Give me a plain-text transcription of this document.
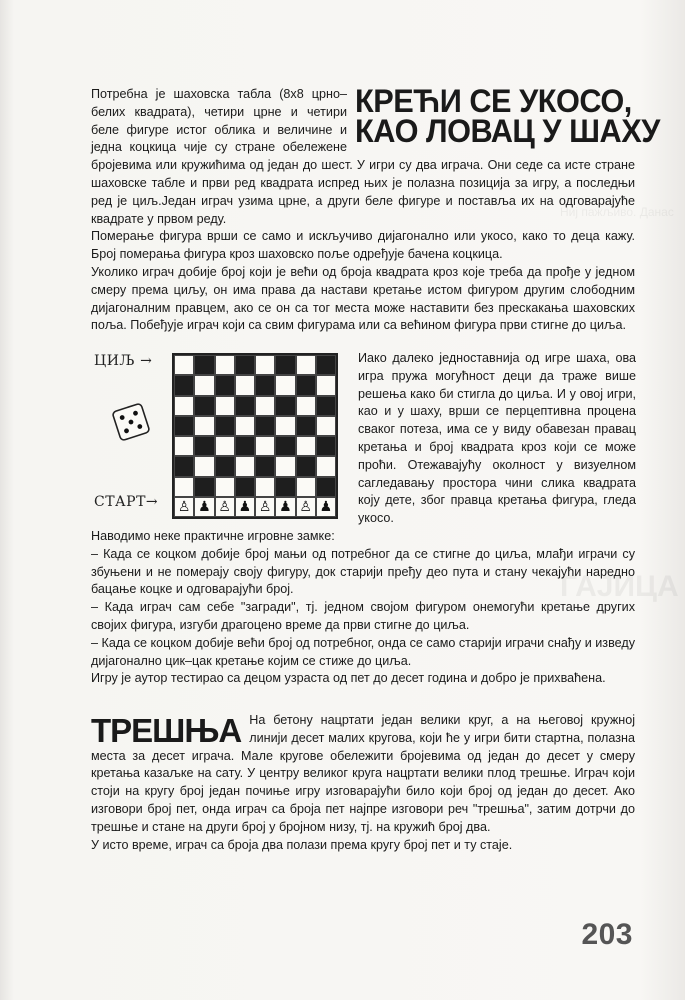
Ниј пажљиво. Данас
ГАЈИЦА
КРЕЋИ СЕ УКОСО,
КАО ЛОВАЦ У ШАХУ

Потребна је шаховска табла (8х8 црно–белих квадрата), четири црне и четири беле фигуре истог облика и величине и једна коцкица чије су стране обележене бројевима или кружићима од један до шест. У игри су два играча. Они седе са исте стране шаховске табле и први ред квадрата испред њих је полазна позиција за игру, а последњи ред је циљ.Један играч узима црне, а други беле фигуре и поставља их на одговарајуће квадрате у првом реду.

Померање фигура врши се само и искључиво дијагонално или укосо, како то деца кажу. Број померања фигура кроз шаховско поље одређује бачена коцкица.

Уколико играч добије број који је већи од броја квадрата кроз које треба да прође у једном смеру према циљу, он има права да настави кретање истом фигуром другим слободним дијагоналним правцем, ако се он са тог места може наставити без прескакања шаховских поља. Побеђује играч који са свим фигурама или са већином фигура први стигне до циља.

ЦИЉ →
♙ ♟ ♙ ♟ ♙ ♟ ♙ ♟
СТАРТ→

Иако далеко једноставнија од игре шаха, ова игра пружа могућност деци да траже више решења како би стигла до циља. И у овој игри, као и у шаху, врши се перцептивна процена сваког потеза, има се у виду обавезан правац кретања и број квадрата кроз који се може проћи. Отежавајућу околност у визуелном сагледавању простора чини слика квадрата коју дете, због правца кретања фигура, гледа укосо.

Наводимо неке практичне игровне замке:

– Када се коцком добије број мањи од потребног да се стигне до циља, млађи играчи су збуњени и не померају своју фигуру, док старији пређу део пута и стану чекајући наредно бацање коцке и одговарајући број.

– Када играч сам себе "загради", тј. једном својом фигуром онемогући кретање других својих фигура, изгуби драгоцено време да први стигне до циља.

– Када се коцком добије већи број од потребног, онда се само старији играчи снађу и изведу дијагонално цик–цак кретање којим се стиже до циља.

Игру је аутор тестирао са децом узраста од пет до десет година и добро је прихваћена.

ТРЕШЊА На бетону нацртати један велики круг, а на његовој кружној линији десет малих кругова, који ће у игри бити стартна, полазна места за десет играча. Мале кругове обележити бројевима од један до десет у смеру кретања казаљке на сату. У центру великог круга нацртати велики плод трешње. Играч који стоји на кругу број један почиње игру изговарајући било који број од један до десет. Ако изговори број пет, онда играч са броја пет најпре изговори реч "трешња", затим дотрчи до трешње и стане на други број у бројном низу, тј. на кружић број два.

У исто време, играч са броја два полази према кругу број пет и ту стаје.

203
